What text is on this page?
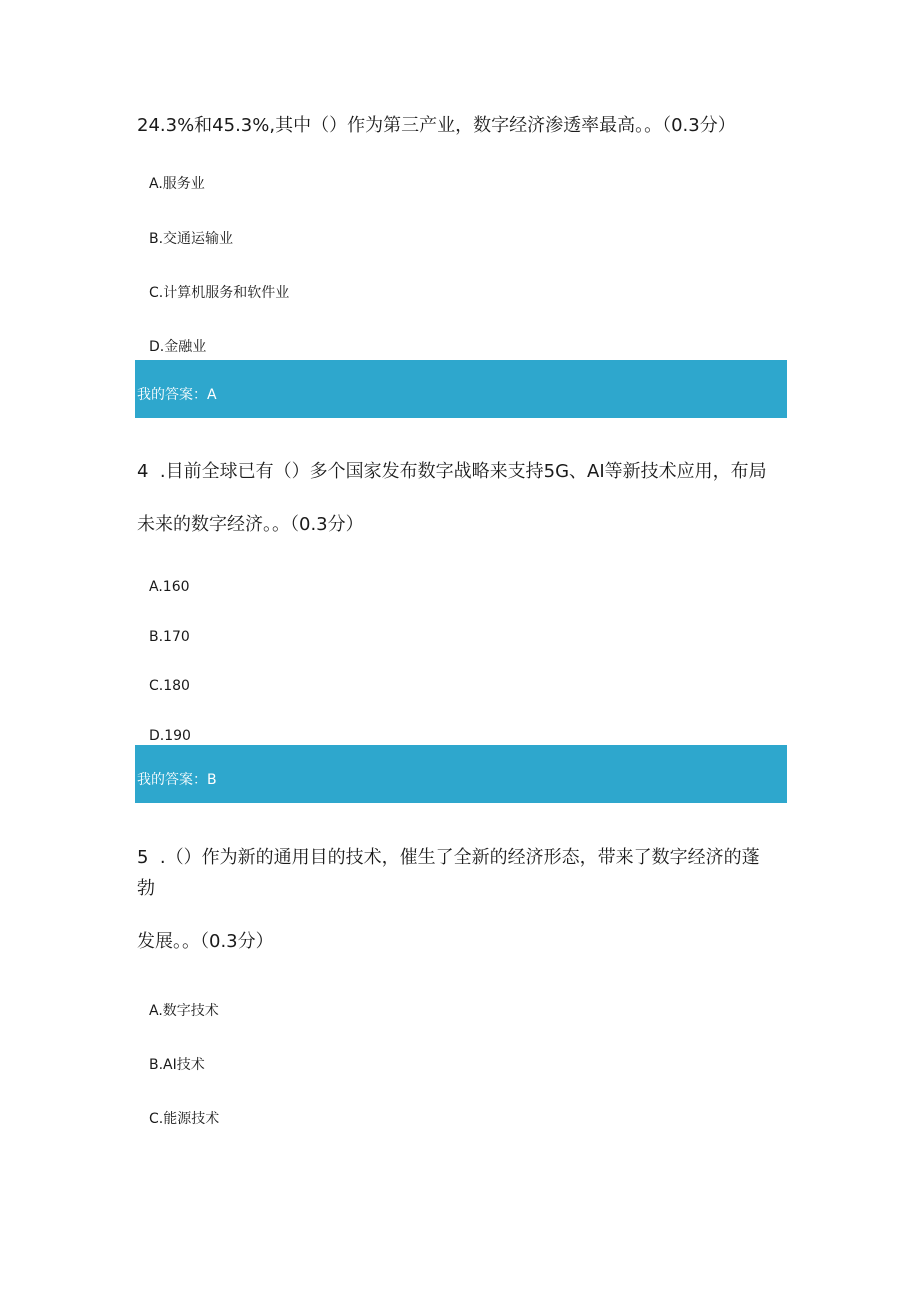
24.3%和45.3%,其中（）作为第三产业，数字经济渗透率最高。。（0.3分）
A.服务业
B.交通运输业
C.计算机服务和软件业
D.金融业
我的答案：A
4  .目前全球已有（）多个国家发布数字战略来支持5G、AI等新技术应用，布局
未来的数字经济。。（0.3分）
A.160
B.170
C.180
D.190
我的答案：B
5  .（）作为新的通用目的技术，催生了全新的经济形态，带来了数字经济的蓬
勃
发展。。（0.3分）
A.数字技术
B.AI技术
C.能源技术
